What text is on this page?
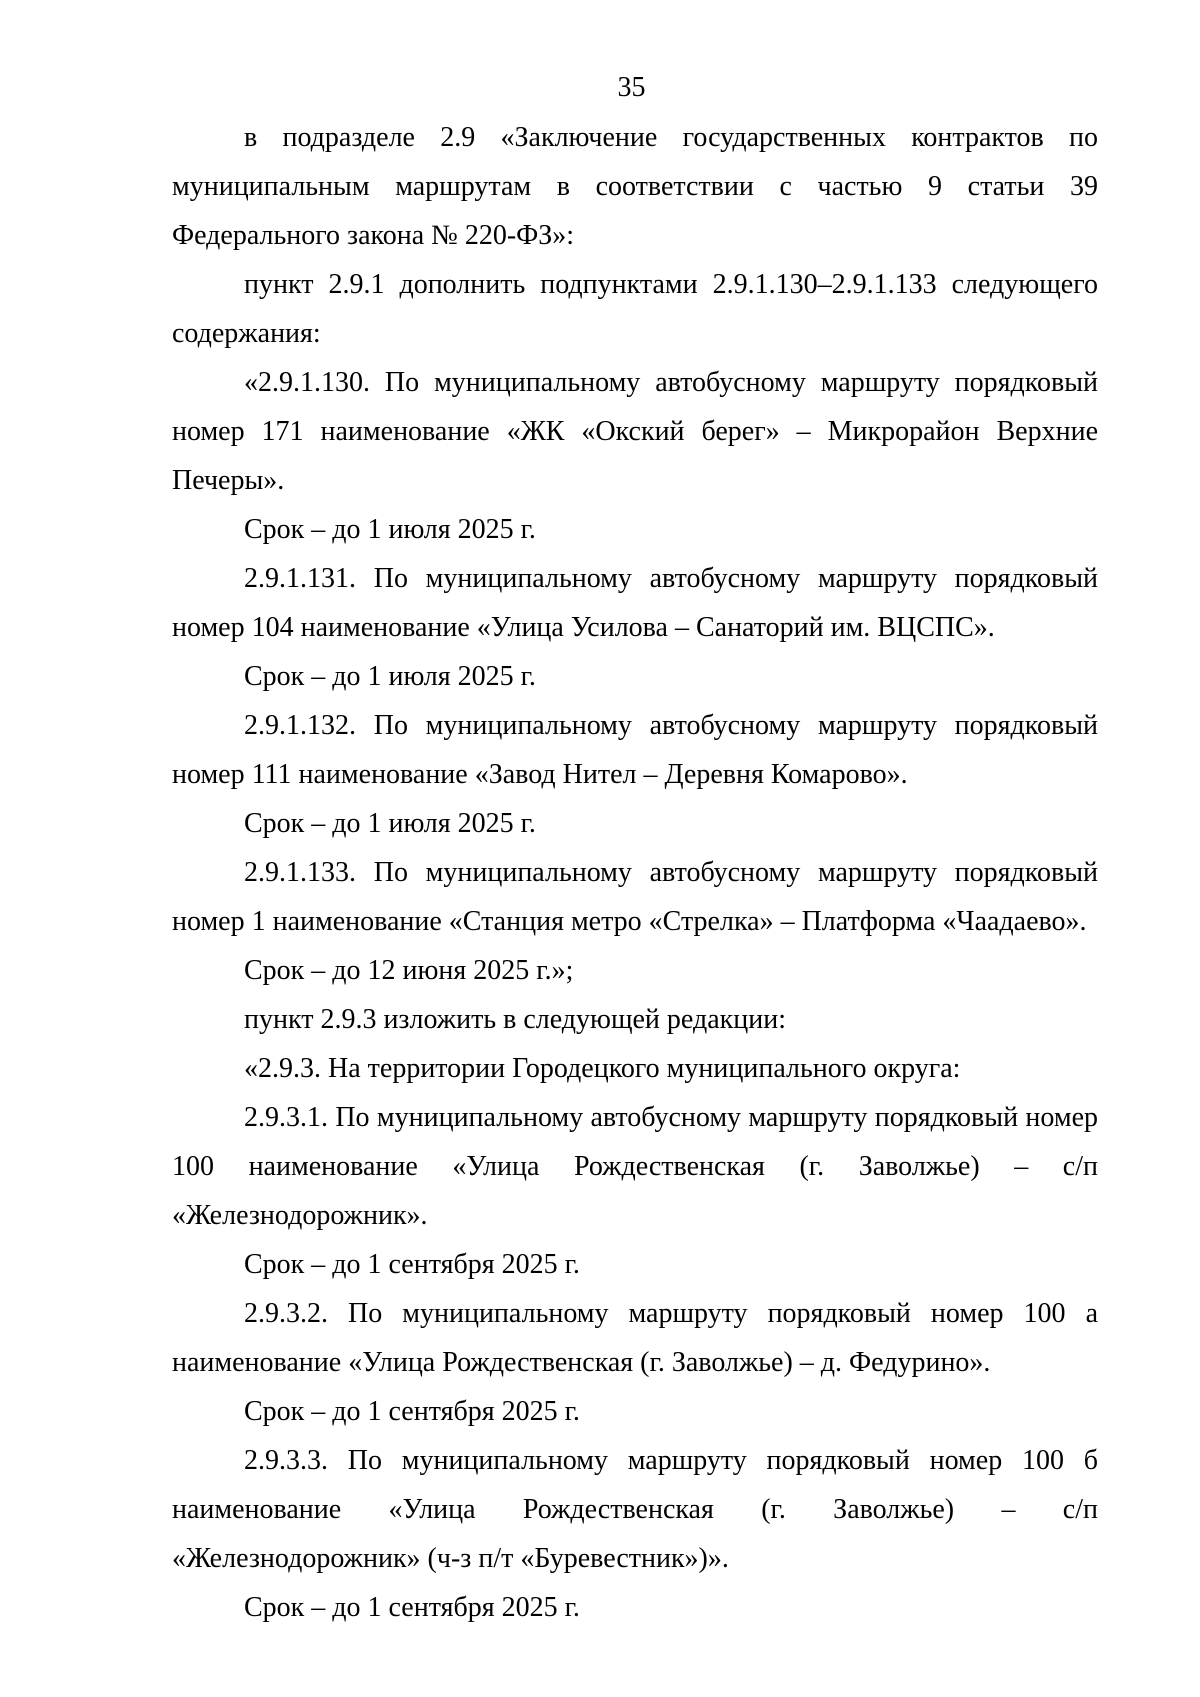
35

в подразделе 2.9 «Заключение государственных контрактов по муниципальным маршрутам в соответствии с частью 9 статьи 39 Федерального закона № 220-ФЗ»:

пункт 2.9.1 дополнить подпунктами 2.9.1.130–2.9.1.133 следующего содержания:

«2.9.1.130. По муниципальному автобусному маршруту порядковый номер 171 наименование «ЖК «Окский берег» – Микрорайон Верхние Печеры».

Срок – до 1 июля 2025 г.

2.9.1.131. По муниципальному автобусному маршруту порядковый номер 104 наименование «Улица Усилова – Санаторий им. ВЦСПС».

Срок – до 1 июля 2025 г.

2.9.1.132. По муниципальному автобусному маршруту порядковый номер 111 наименование «Завод Нител – Деревня Комарово».

Срок – до 1 июля 2025 г.

2.9.1.133. По муниципальному автобусному маршруту порядковый номер 1 наименование «Станция метро «Стрелка» – Платформа «Чаадаево».

Срок – до 12 июня 2025 г.»;

пункт 2.9.3 изложить в следующей редакции:

«2.9.3. На территории Городецкого муниципального округа:

2.9.3.1. По муниципальному автобусному маршруту порядковый номер 100 наименование «Улица Рождественская (г. Заволжье) – с/п «Железнодорожник».

Срок – до 1 сентября 2025 г.

2.9.3.2. По муниципальному маршруту порядковый номер 100 а наименование «Улица Рождественская (г. Заволжье) – д. Федурино».

Срок – до 1 сентября 2025 г.

2.9.3.3. По муниципальному маршруту порядковый номер 100 б наименование «Улица Рождественская (г. Заволжье) – с/п «Железнодорожник» (ч-з п/т «Буревестник»)».

Срок – до 1 сентября 2025 г.
